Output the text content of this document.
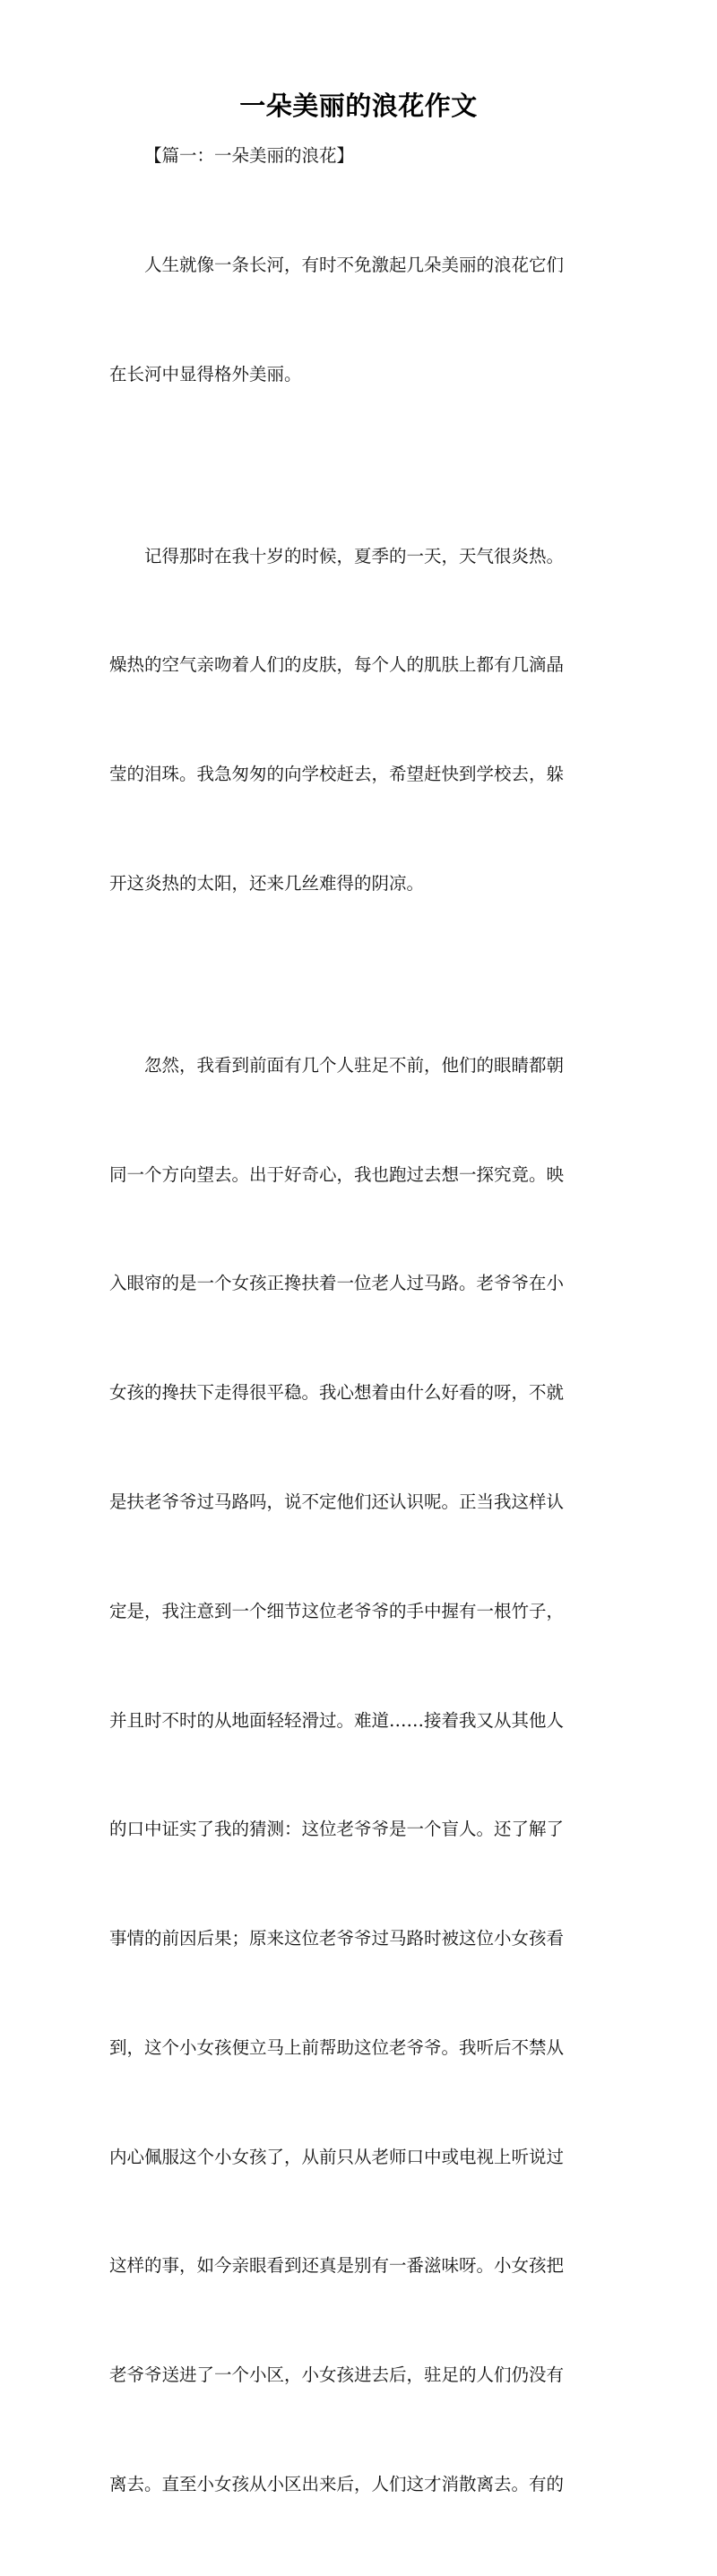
一朵美丽的浪花作文

【篇一：一朵美丽的浪花】

人生就像一条长河，有时不免激起几朵美丽的浪花它们

在长河中显得格外美丽。

记得那时在我十岁的时候，夏季的一天，天气很炎热。

燥热的空气亲吻着人们的皮肤，每个人的肌肤上都有几滴晶

莹的泪珠。我急匆匆的向学校赶去，希望赶快到学校去，躲

开这炎热的太阳，还来几丝难得的阴凉。

忽然，我看到前面有几个人驻足不前，他们的眼睛都朝

同一个方向望去。出于好奇心，我也跑过去想一探究竟。映

入眼帘的是一个女孩正搀扶着一位老人过马路。老爷爷在小

女孩的搀扶下走得很平稳。我心想着由什么好看的呀，不就

是扶老爷爷过马路吗，说不定他们还认识呢。正当我这样认

定是，我注意到一个细节这位老爷爷的手中握有一根竹子，

并且时不时的从地面轻轻滑过。难道……接着我又从其他人

的口中证实了我的猜测：这位老爷爷是一个盲人。还了解了

事情的前因后果；原来这位老爷爷过马路时被这位小女孩看

到，这个小女孩便立马上前帮助这位老爷爷。我听后不禁从

内心佩服这个小女孩了，从前只从老师口中或电视上听说过

这样的事，如今亲眼看到还真是别有一番滋味呀。小女孩把

老爷爷送进了一个小区，小女孩进去后，驻足的人们仍没有

离去。直至小女孩从小区出来后，人们这才消散离去。有的
